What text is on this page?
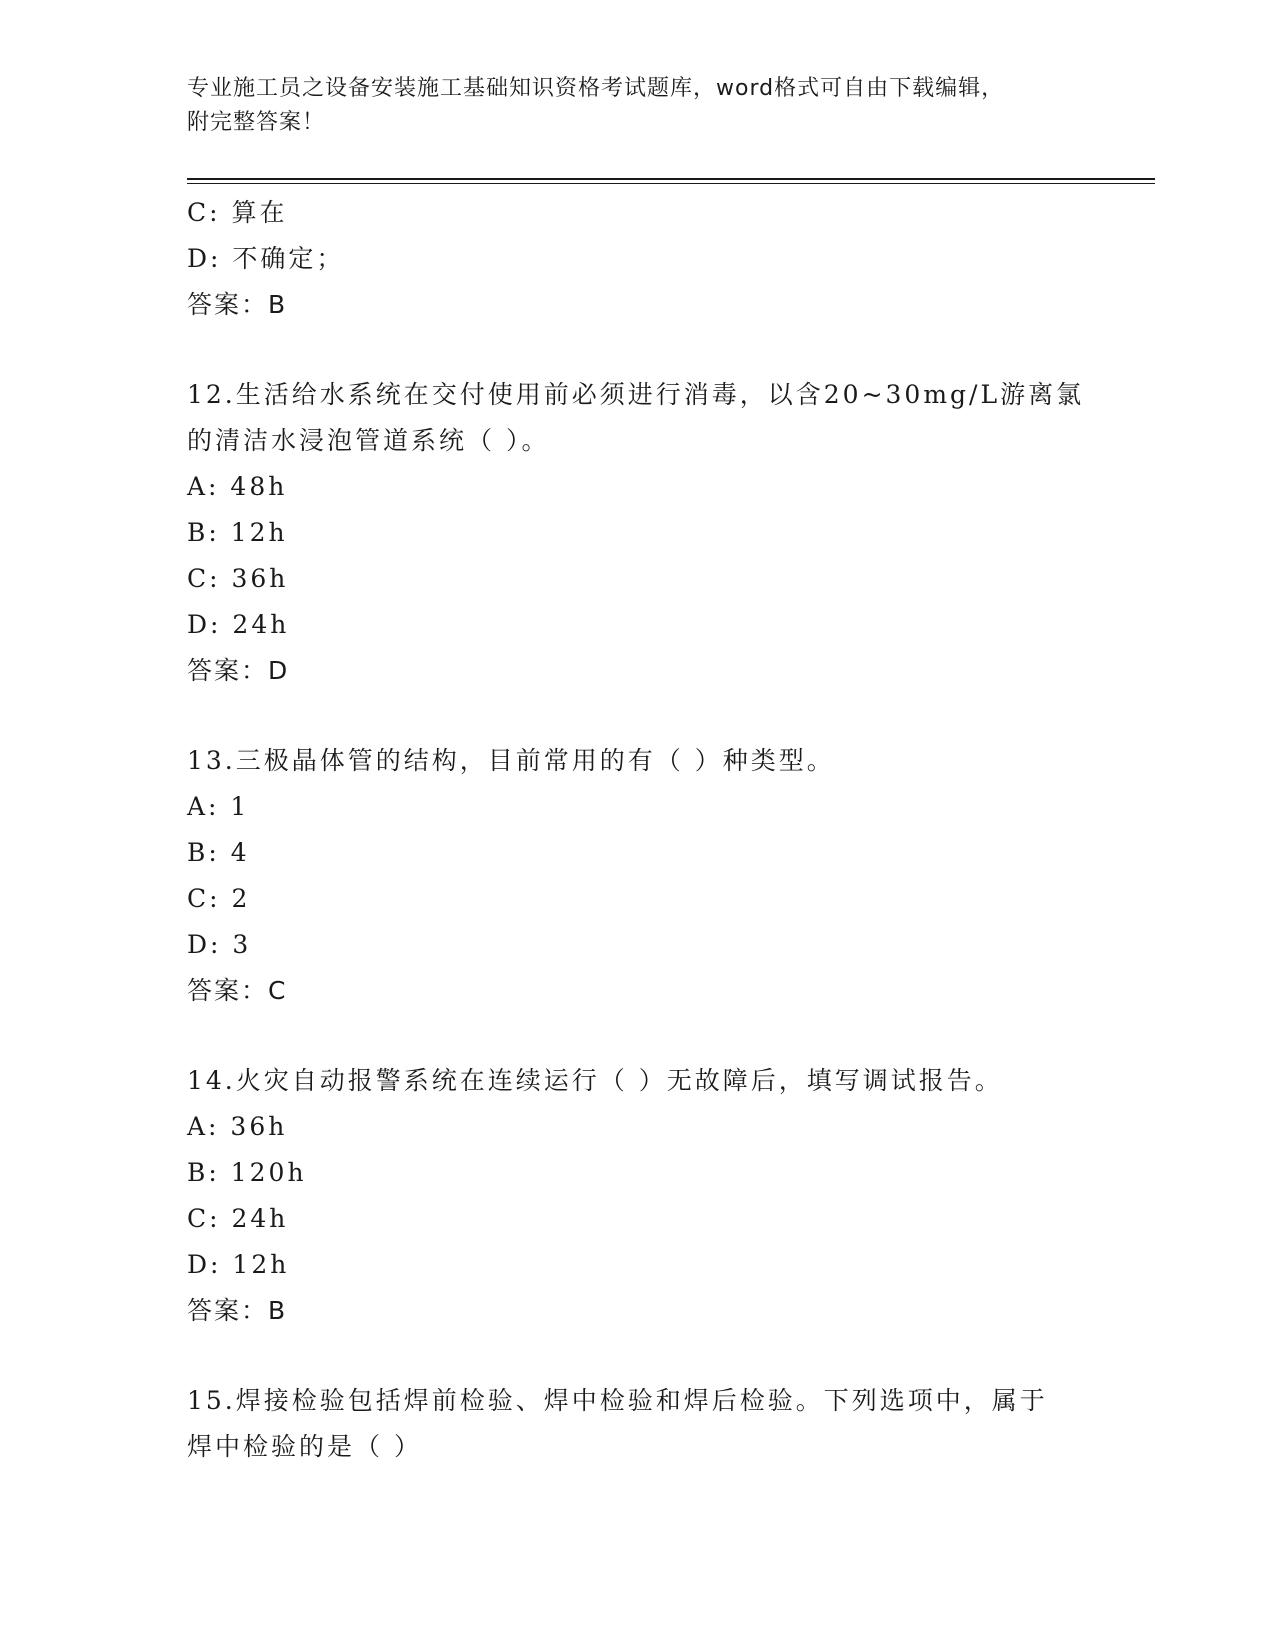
专业施工员之设备安装施工基础知识资格考试题库，word格式可自由下载编辑，
附完整答案！
C: 算在
D: 不确定；
答案：B
12.生活给水系统在交付使用前必须进行消毒，以含20~30mg/L游离氯
的清洁水浸泡管道系统（ ）。
A: 48h
B: 12h
C: 36h
D: 24h
答案：D
13.三极晶体管的结构，目前常用的有（ ）种类型。
A: 1
B: 4
C: 2
D: 3
答案：C
14.火灾自动报警系统在连续运行（ ）无故障后，填写调试报告。
A: 36h
B: 120h
C: 24h
D: 12h
答案：B
15.焊接检验包括焊前检验、焊中检验和焊后检验。下列选项中，属于
焊中检验的是（ ）
